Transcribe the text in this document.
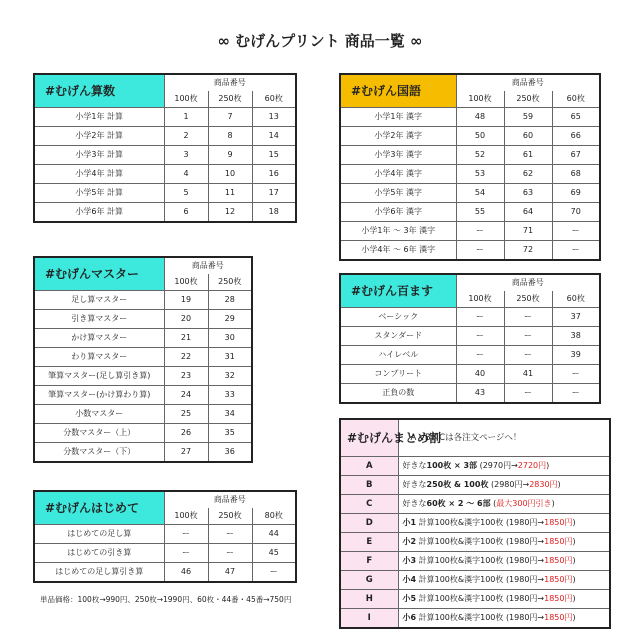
∞ むげんプリント 商品一覧 ∞
#むげん算数	商品番号		
	100枚	250枚	60枚
小学1年 計算	1	7	13
小学2年 計算	2	8	14
小学3年 計算	3	9	15
小学4年 計算	4	10	16
小学5年 計算	5	11	17
小学6年 計算	6	12	18
#むげん国語	商品番号		
	100枚	250枚	60枚
小学1年 漢字	48	59	65
小学2年 漢字	50	60	66
小学3年 漢字	52	61	67
小学4年 漢字	53	62	68
小学5年 漢字	54	63	69
小学6年 漢字	55	64	70
小学1年 ～ 3年 漢字	ー	71	ー
小学4年 ～ 6年 漢字	ー	72	ー
#むげんマスター	商品番号	
	100枚	250枚
足し算マスター	19	28
引き算マスター	20	29
かけ算マスター	21	30
わり算マスター	22	31
筆算マスター(足し算引き算)	23	32
筆算マスター(かけ算わり算)	24	33
小数マスター	25	34
分数マスター（上）	26	35
分数マスター（下）	27	36
#むげん百ます	商品番号		
	100枚	250枚	60枚
ベーシック	ー	ー	37
スタンダード	ー	ー	38
ハイレベル	ー	ー	39
コンプリート	40	41	ー
正負の数	43	ー	ー
#むげんはじめて	商品番号		
	100枚	250枚	80枚
はじめての足し算	ー	ー	44
はじめての引き算	ー	ー	45
はじめての足し算引き算	46	47	ー
#むげんまとめ割	A・B・Cは各注文ページへ！
A	好きな100枚 × 3部 (2970円→2720円)
B	好きな250枚 & 100枚 (2980円→2830円)
C	好きな60枚 × 2 ～ 6部 (最大300円引き)
D	小1 計算100枚&漢字100枚 (1980円→1850円)
E	小2 計算100枚&漢字100枚 (1980円→1850円)
F	小3 計算100枚&漢字100枚 (1980円→1850円)
G	小4 計算100枚&漢字100枚 (1980円→1850円)
H	小5 計算100枚&漢字100枚 (1980円→1850円)
I	小6 計算100枚&漢字100枚 (1980円→1850円)
単品価格：100枚→990円、250枚→1990円、60枚・44番・45番→750円
